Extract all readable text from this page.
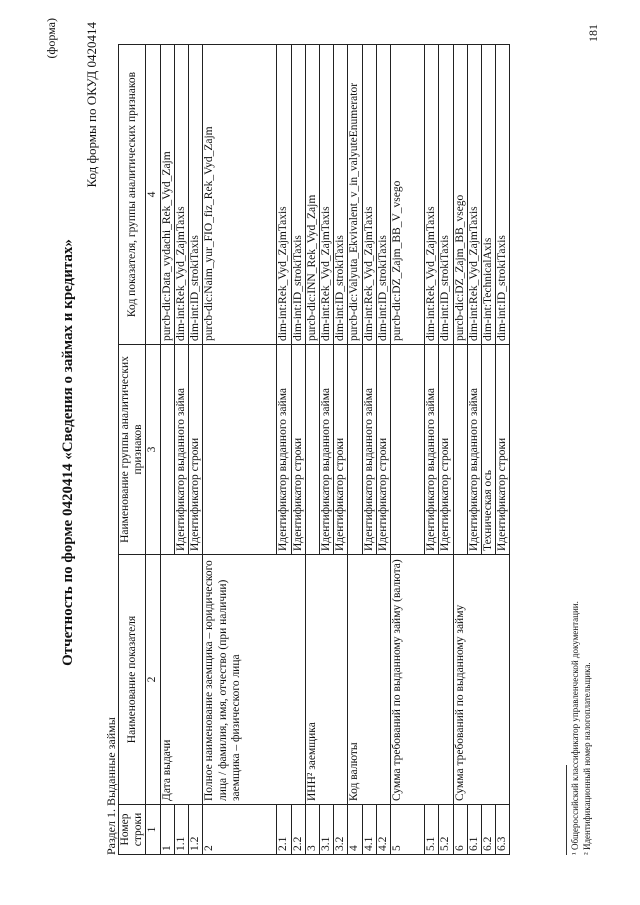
(форма)
Отчетность по форме 0420414 «Сведения о займах и кредитах»
Код формы по ОКУД 0420414
Раздел 1. Выданные займы Номер строки	Наименование показателя	Наименование группы аналитических признаков	Код показателя, группы аналитических признаков
1	2	3	4
1	Дата выдачи		purcb-dic:Data_vydachi_Rek_Vyd_Zajm
1.1		Идентификатор выданного займа	dim-int:Rek_Vyd_ZajmTaxis
1.2		Идентификатор строки	dim-int:ID_strokiTaxis
2	Полное наименование заемщика – юридического лица / фамилия, имя, отчество (при наличии) заемщика – физического лица		purcb-dic:Naim_yur_FIO_fiz_Rek_Vyd_Zajm
2.1		Идентификатор выданного займа	dim-int:Rek_Vyd_ZajmTaxis
2.2		Идентификатор строки	dim-int:ID_strokiTaxis
3	ИНН² заемщика		purcb-dic:INN_Rek_Vyd_Zajm
3.1		Идентификатор выданного займа	dim-int:Rek_Vyd_ZajmTaxis
3.2		Идентификатор строки	dim-int:ID_strokiTaxis
4	Код валюты		purcb-dic:Valyuta_Ekvivalent_v_in_valyuteEnumerator
4.1		Идентификатор выданного займа	dim-int:Rek_Vyd_ZajmTaxis
4.2		Идентификатор строки	dim-int:ID_strokiTaxis
5	Сумма требований по выданному займу (валюта)		purcb-dic:DZ_Zajm_BB_V_vsego
5.1		Идентификатор выданного займа	dim-int:Rek_Vyd_ZajmTaxis
5.2		Идентификатор строки	dim-int:ID_strokiTaxis
6	Сумма требований по выданному займу		purcb-dic:DZ_Zajm_BB_vsego
6.1		Идентификатор выданного займа	dim-int:Rek_Vyd_ZajmTaxis
6.2		Техническая ось	dim-int:TechnicalAxis
6.3		Идентификатор строки	dim-int:ID_strokiTaxis
¹ Общероссийский классификатор управленческой документации. ² Идентификационный номер налогоплательщика.
181
